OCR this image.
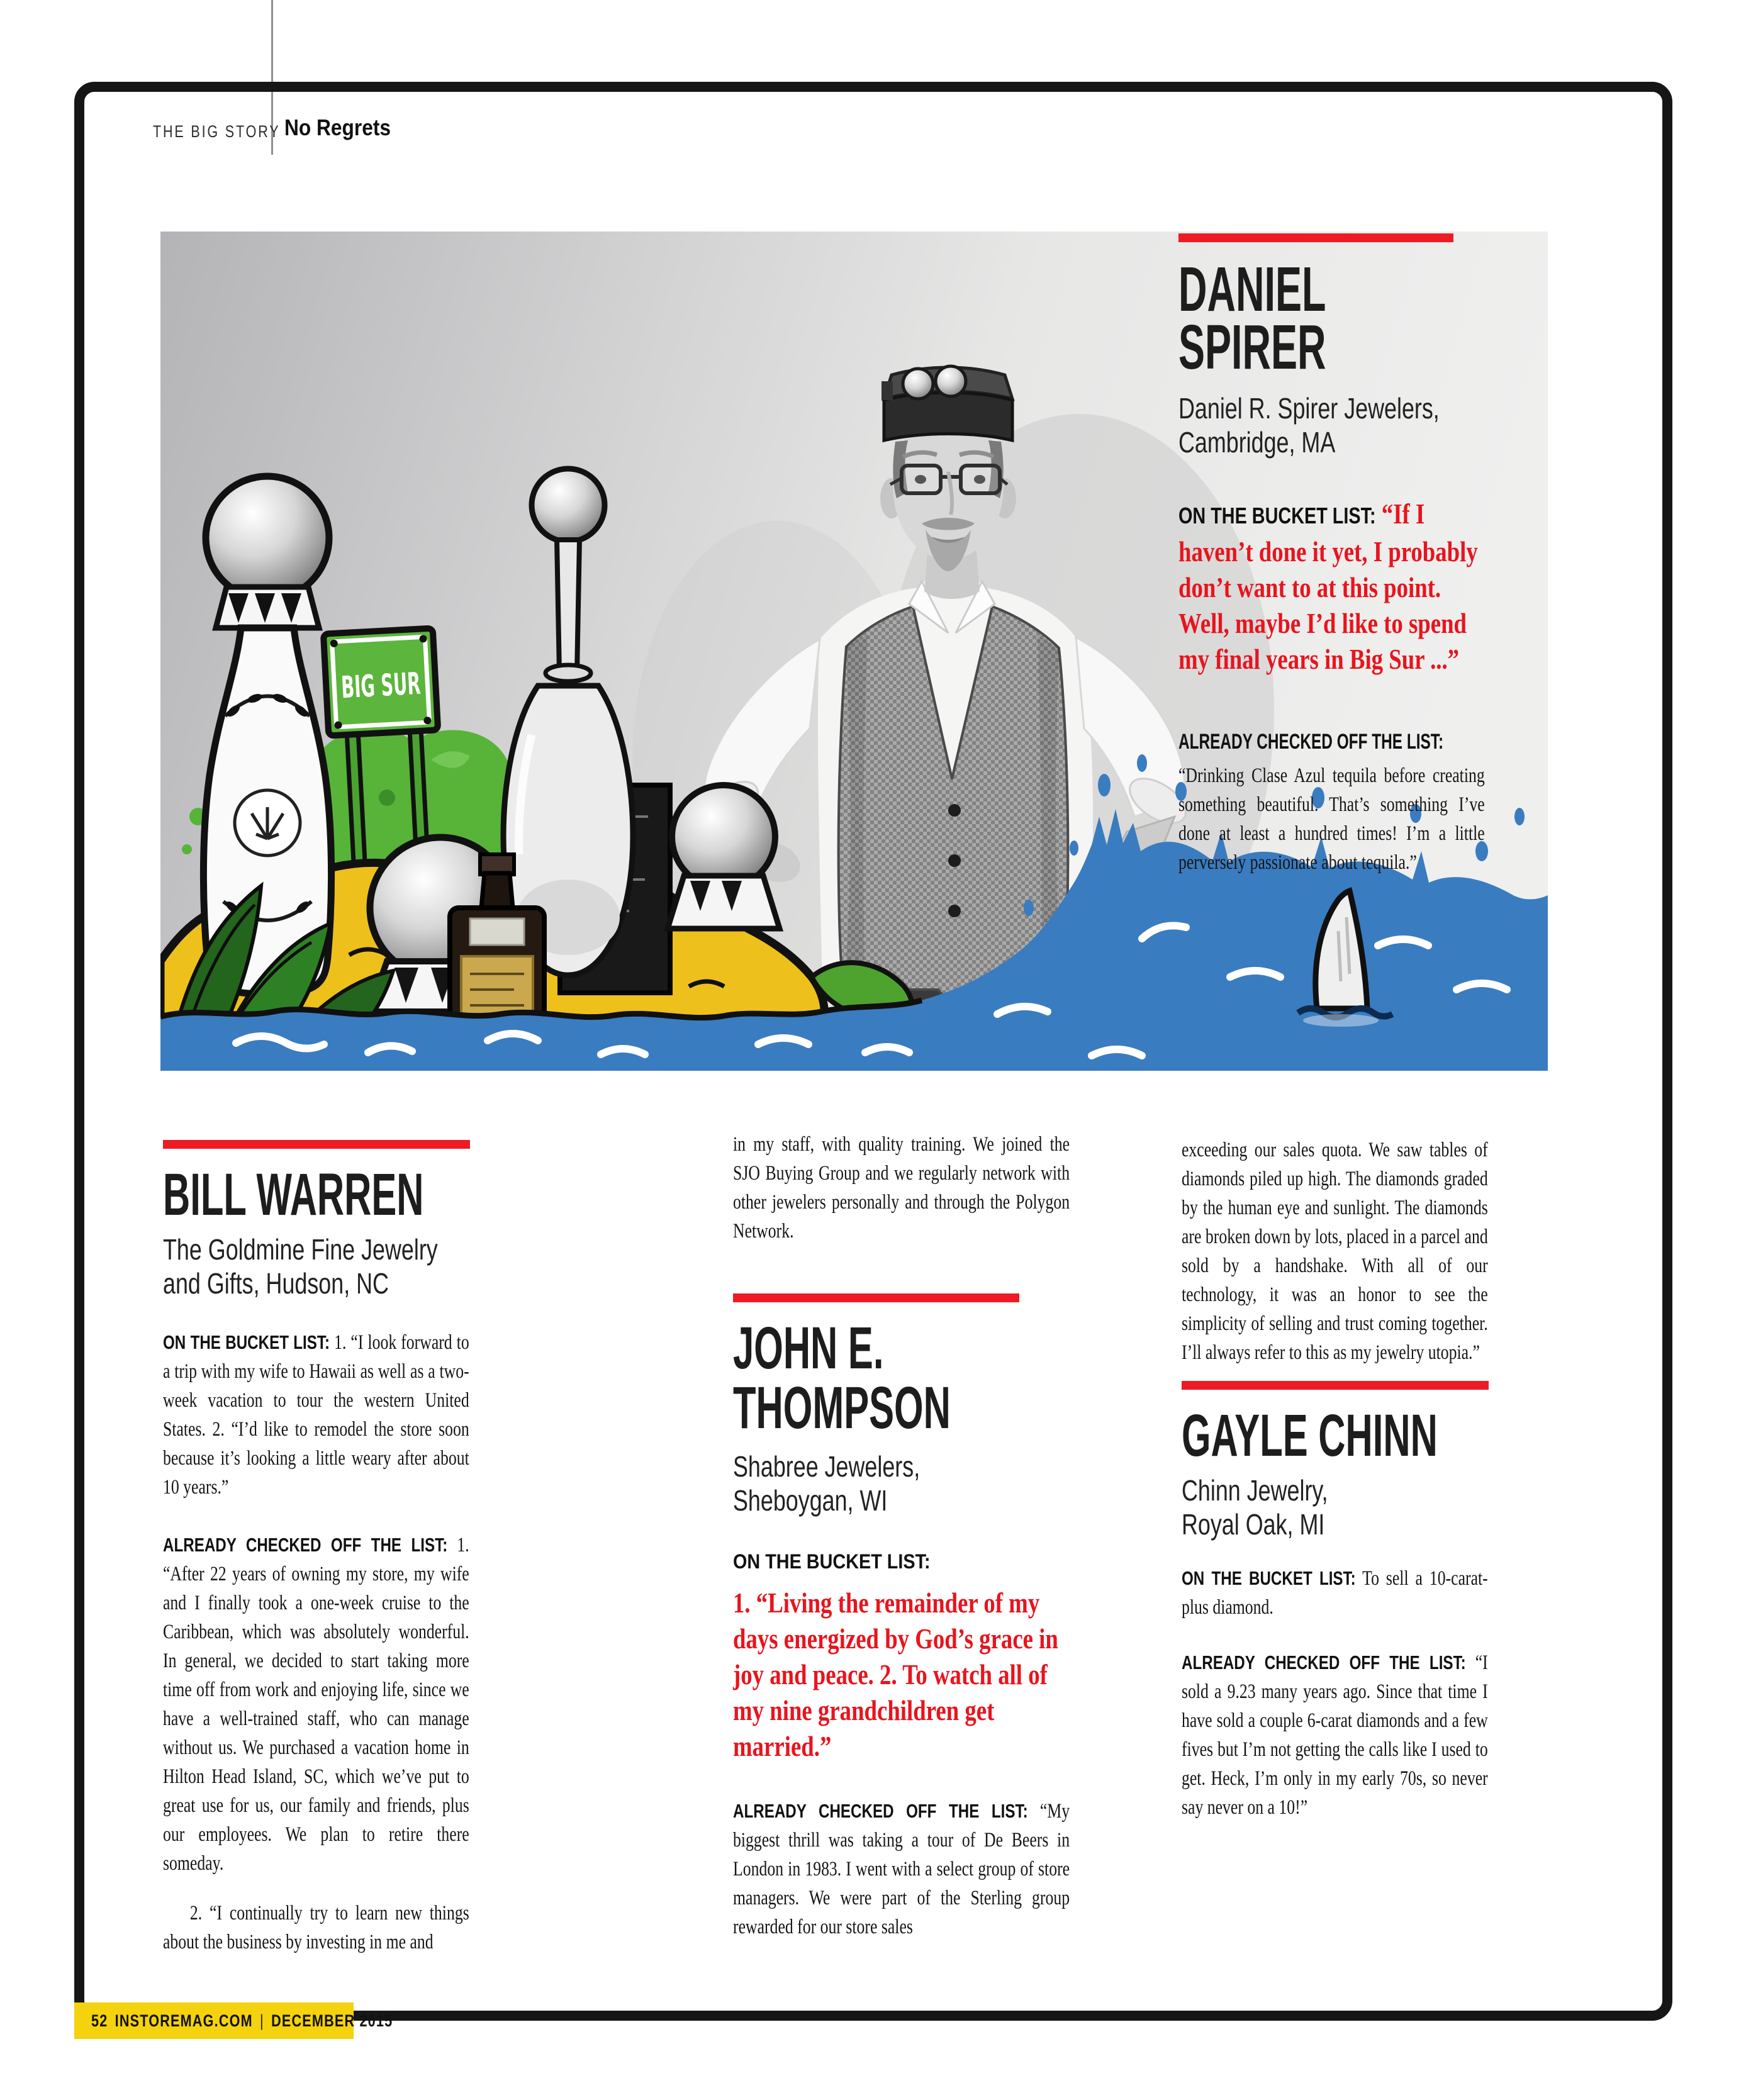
THE BIG STORY No Regrets
BIG SUR
DANIEL
SPIRER
Daniel R. Spirer Jewelers,
Cambridge, MA
ON THE BUCKET LIST: “If I haven’t done it yet, I probably don’t want to at this point. Well, maybe I’d like to spend my final years in Big Sur ...”
ALREADY CHECKED OFF THE LIST:
“Drinking Clase Azul tequila before creating something beautiful. That’s something I’ve done at least a hundred times! I’m a little perversely passionate about tequila.”
BILL WARREN
The Goldmine Fine Jewelry
and Gifts, Hudson, NC

ON THE BUCKET LIST: 1. “I look forward to a trip with my wife to Hawaii as well as a two-week vacation to tour the western United States. 2. “I’d like to remodel the store soon because it’s looking a little weary after about 10 years.”

ALREADY CHECKED OFF THE LIST: 1. “After 22 years of owning my store, my wife and I finally took a one-week cruise to the Caribbean, which was absolutely wonderful. In general, we decided to start taking more time off from work and enjoying life, since we have a well-trained staff, who can manage without us. We purchased a vacation home in Hilton Head Island, SC, which we’ve put to great use for us, our family and friends, plus our employees. We plan to retire there someday.

2. “I continually try to learn new things about the business by investing in me and

in my staff, with quality training. We joined the SJO Buying Group and we regularly network with other jewelers personally and through the Polygon Network.

JOHN E.
THOMPSON
Shabree Jewelers,
Sheboygan, WI
ON THE BUCKET LIST:
1. “Living the remainder of my days energized by God’s grace in joy and peace. 2. To watch all of my nine grandchildren get married.”

ALREADY CHECKED OFF THE LIST: “My biggest thrill was taking a tour of De Beers in London in 1983. I went with a select group of store managers. We were part of the Sterling group rewarded for our store sales

exceeding our sales quota. We saw tables of diamonds piled up high. The diamonds graded by the human eye and sunlight. The diamonds are broken down by lots, placed in a parcel and sold by a handshake. With all of our technology, it was an honor to see the simplicity of selling and trust coming together. I’ll always refer to this as my jewelry utopia.”

GAYLE CHINN
Chinn Jewelry,
Royal Oak, MI

ON THE BUCKET LIST: To sell a 10-carat-plus diamond.

ALREADY CHECKED OFF THE LIST: “I sold a 9.23 many years ago. Since that time I have sold a couple 6-carat diamonds and a few fives but I’m not getting the calls like I used to get. Heck, I’m only in my early 70s, so never say never on a 10!”

52 INSTOREMAG.COM | DECEMBER 2015
